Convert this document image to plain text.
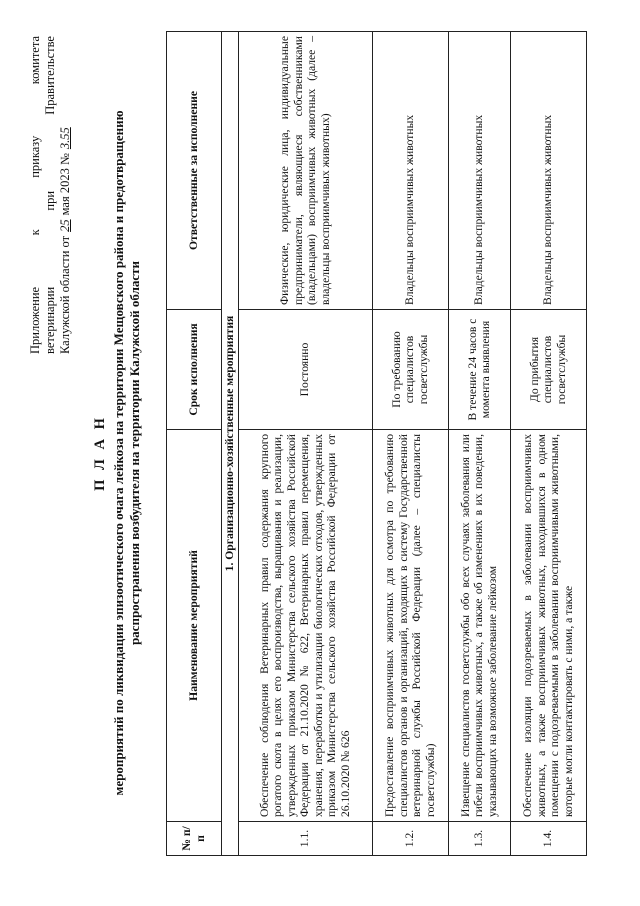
Приложение
к
приказу
комитета
ветеринарии
при
Правительстве
Калужской области от
25
мая 2023 №
3.55
П Л А Н мероприятий по ликвидации эпизоотического очага лейкоза на территории Мещовского района и предотвращению распространения возбудителя на территории Калужской области
№ п/п	Наименование мероприятий	Срок исполнения	Ответственные за исполнение
1. Организационно-хозяйственные мероприятия			
1.1.	Обеспечение соблюдения Ветеринарных правил содержания крупного рогатого скота в целях его воспроизводства, выращивания и реализации, утвержденных приказом Министерства сельского хозяйства Российской Федерации от 21.10.2020 № 622, Ветеринарных правил перемещения, хранения, переработки и утилизации биологических отходов, утвержденных приказом Министерства сельского хозяйства Российской Федерации от 26.10.2020 № 626	Постоянно	Физические, юридические лица, индивидуальные предприниматели, являющиеся собственниками (владельцами) восприимчивых животных (далее – владельцы восприимчивых животных)
1.2.	Предоставление восприимчивых животных для осмотра по требованию специалистов органов и организаций, входящих в систему Государственной ветеринарной службы Российской Федерации (далее – специалисты госветслужбы)	По требованию специалистов госветслужбы	Владельцы восприимчивых животных
1.3.	Извещение специалистов госветслужбы обо всех случаях заболевания или гибели восприимчивых животных, а также об изменениях в их поведении, указывающих на возможное заболевание лейкозом	В течение 24 часов с момента выявления	Владельцы восприимчивых животных
1.4.	Обеспечение изоляции подозреваемых в заболевании восприимчивых животных, а также восприимчивых животных, находившихся в одном помещении с подозреваемыми в заболевании восприимчивыми животными, которые могли контактировать с ними, а также	До прибытия специалистов госветслужбы	Владельцы восприимчивых животных
